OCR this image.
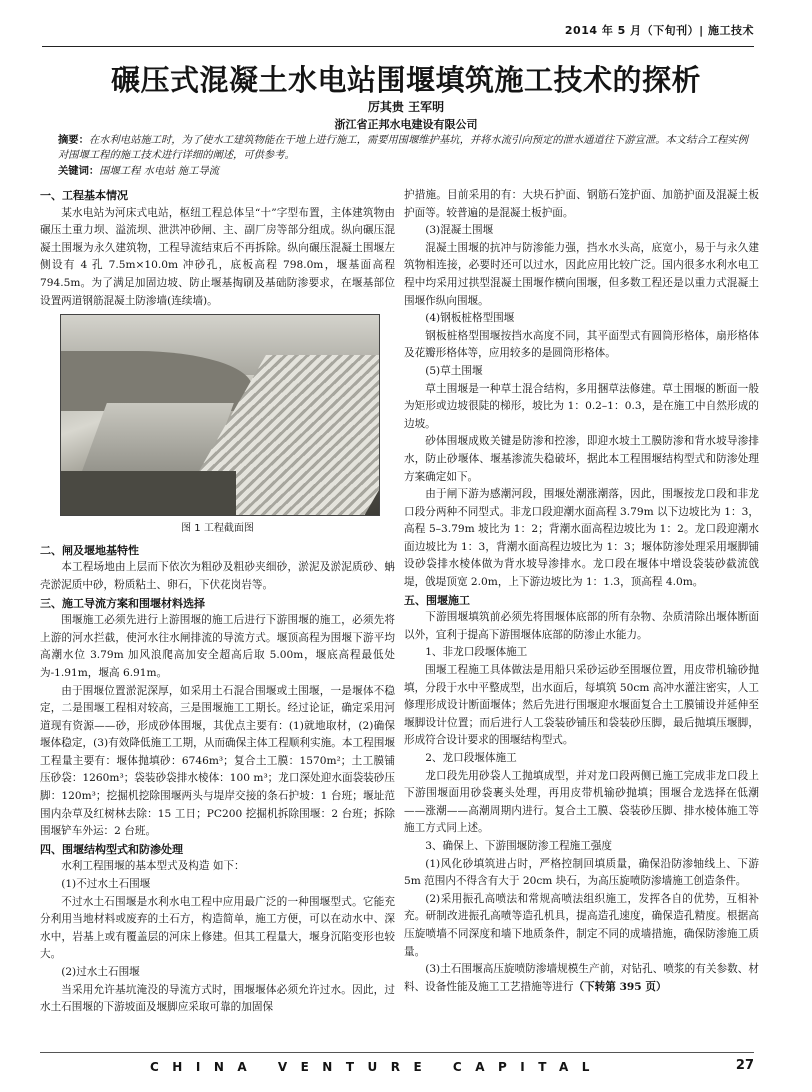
2014 年 5 月（下旬刊）| 施工技术
碾压式混凝土水电站围堰填筑施工技术的探析
厉其贵 王军明
浙江省正邦水电建设有限公司
摘要：在水利电站施工时，为了使水工建筑物能在干地上进行施工，需要用围堰维护基坑，并将水流引向预定的泄水通道往下游宣泄。本文结合工程实例对围堰工程的施工技术进行详细的阐述，可供参考。
关键词：围堰工程 水电站 施工导流
一、工程基本情况

某水电站为河床式电站，枢纽工程总体呈“十”字型布置，主体建筑物由碾压土重力坝、溢流坝、泄洪冲砂闸、主、副厂房等部分组成。纵向碾压混凝土围堰为永久建筑物，工程导流结束后不再拆除。纵向碾压混凝土围堰左侧设有 4 孔 7.5m×10.0m 冲砂孔，底板高程 798.0m，堰基面高程 794.5m。为了满足加固边坡、防止堰基掏刷及基础防渗要求，在堰基部位设置两道钢筋混凝土防渗墙(连续墙)。

图 1 工程截面图
二、闸及堰地基特性

本工程场地由上层而下依次为粗砂及粗砂夹细砂，淤泥及淤泥质砂、蚺壳淤泥质中砂，粉质粘土、卵石，下伏花岗岩等。

三、施工导流方案和围堰材料选择

围堰施工必须先进行上游围堰的施工后进行下游围堰的施工，必须先将上游的河水拦截，使河水往水闸排流的导流方式。堰顶高程为围堰下游平均高潮水位 3.79m 加风浪爬高加安全超高后取 5.00m，堰底高程最低处为-1.91m，堰高 6.91m。

由于围堰位置淤泥深厚，如采用土石混合围堰或土围堰，一是堰体不稳定，二是围堰工程相对较高，三是围堰施工工期长。经过论证，确定采用河道现有资源——砂，形成砂体围堰，其优点主要有：(1)就地取材，(2)确保堰体稳定，(3)有效降低施工工期，从而确保主体工程顺利实施。本工程围堰工程量主要有：堰体抛填砂：6746m³；复合土工膜：1570m²；土工膜铺压砂袋：1260m³；袋装砂袋排水棱体：100 m³；龙口深处迎水面袋装砂压脚：120m³；挖掘机挖除围堰两头与堤岸交接的条石护坡：1 台班；堰址范围内杂草及红树林去除：15 工日；PC200 挖掘机拆除围堰：2 台班；拆除围堰铲车外运：2 台班。

四、围堰结构型式和防渗处理

水利工程围堰的基本型式及构造 如下：

(1)不过水土石围堰

不过水土石围堰是水利水电工程中应用最广泛的一种围堰型式。它能充分利用当地材料或废弃的土石方，构造简单，施工方便，可以在动水中、深水中，岩基上或有覆盖层的河床上修建。但其工程量大，堰身沉陷变形也较大。

(2)过水土石围堰

当采用允许基坑淹没的导流方式时，围堰堰体必须允许过水。因此，过水土石围堰的下游坡面及堰脚应采取可靠的加固保

护措施。目前采用的有：大块石护面、钢筋石笼护面、加筋护面及混凝土板护面等。较普遍的是混凝土板护面。

(3)混凝土围堰

混凝土围堰的抗冲与防渗能力强，挡水水头高，底宽小，易于与永久建筑物相连接，必要时还可以过水，因此应用比较广泛。国内很多水利水电工程中均采用过拱型混凝土围堰作横向围堰，但多数工程还是以重力式混凝土围堰作纵向围堰。

(4)钢板桩格型围堰

钢板桩格型围堰按挡水高度不同，其平面型式有圆筒形格体，扇形格体及花瓣形格体等，应用较多的是圆筒形格体。

(5)草土围堰

草土围堰是一种草土混合结构，多用捆草法修建。草土围堰的断面一般为矩形或边坡很陡的梯形，坡比为 1：0.2–1：0.3，是在施工中自然形成的边坡。

砂体围堰成败关键是防渗和控渗，即迎水坡土工膜防渗和背水坡导渗排水，防止砂堰体、堰基渗流失稳破坏，据此本工程围堰结构型式和防渗处理方案确定如下。

由于闸下游为感潮河段，围堰处潮涨潮落，因此，围堰按龙口段和非龙口段分两种不同型式。非龙口段迎潮水面高程 3.79m 以下边坡比为 1：3，高程 5–3.79m 坡比为 1：2；背潮水面高程边坡比为 1：2。龙口段迎潮水面边坡比为 1：3，背潮水面高程边坡比为 1：3；堰体防渗处理采用堰脚铺设砂袋排水棱体做为背水坡导渗排水。龙口段在堰体中增设袋装砂截流戗堤，戗堤顶宽 2.0m，上下游边坡比为 1：1.3，顶高程 4.0m。

五、围堰施工

下游围堰填筑前必须先将围堰体底部的所有杂物、杂质清除出堰体断面以外，宜利于提高下游围堰体底部的防渗止水能力。

1、非龙口段堰体施工

围堰工程施工具体做法是用船只采砂运砂至围堰位置，用皮带机输砂抛填，分段于水中平整成型，出水面后，每填筑 50cm 高冲水灌注密实，人工修理形成设计断面堰体；然后先进行围堰迎水堰面复合土工膜铺设并延伸至堰脚设计位置；而后进行人工袋装砂铺压和袋装砂压脚，最后抛填压堰脚，形成符合设计要求的围堰结构型式。

2、龙口段堰体施工

龙口段先用砂袋人工抛填成型，并对龙口段两侧已施工完成非龙口段上下游围堰面用砂袋裹头处理，再用皮带机输砂抛填；围堰合龙选择在低潮——涨潮——高潮周期内进行。复合土工膜、袋装砂压脚、排水棱体施工等施工方式同上述。

3、确保上、下游围堰防渗工程施工强度

(1)风化砂填筑进占时，严格控制回填质量，确保沿防渗轴线上、下游 5m 范围内不得含有大于 20cm 块石，为高压旋喷防渗墙施工创造条件。

(2)采用振孔高喷法和常规高喷法组织施工，发挥各自的优势，互相补充。研制改进振孔高喷等造孔机具，提高造孔速度，确保造孔精度。根据高压旋喷墙不同深度和墙下地质条件，制定不同的成墙措施，确保防渗施工质量。

(3)土石围堰高压旋喷防渗墙规模生产前，对钻孔、喷浆的有关参数、材料、设备性能及施工工艺措施等进行（下转第 395 页）

CHINA VENTURE CAPITAL	27
